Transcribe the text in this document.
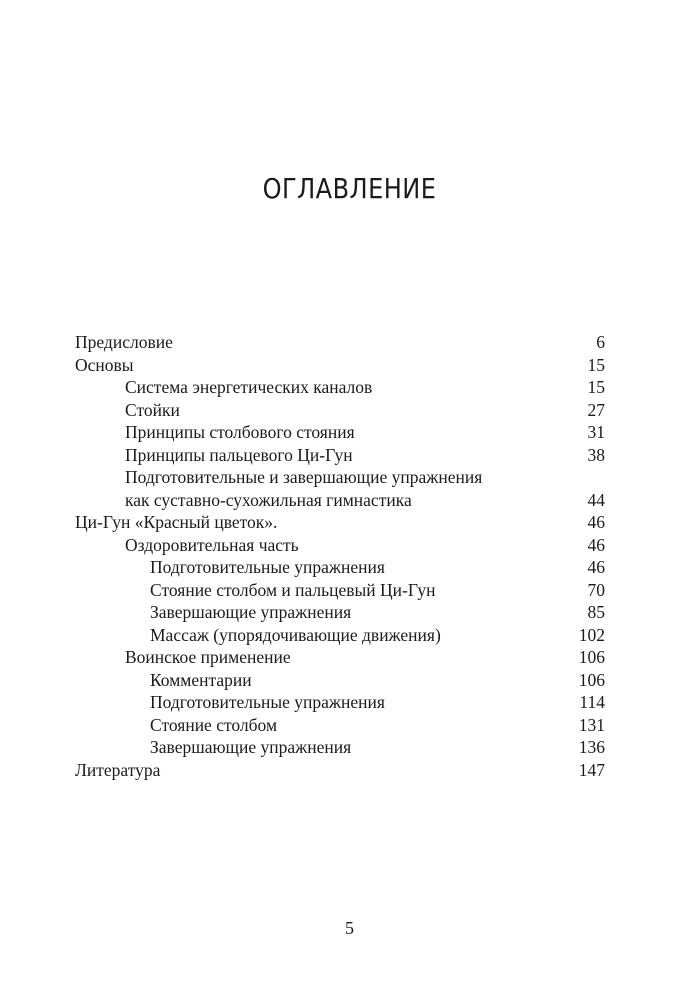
ОГЛАВЛЕНИЕ
Предисловие	6
Основы	15
Система энергетических каналов	15
Стойки	27
Принципы столбового стояния	31
Принципы пальцевого Ци-Гун	38
Подготовительные и завершающие упражнения
как суставно-сухожильная гимнастика	44
Ци-Гун «Красный цветок».	46
Оздоровительная часть	46
Подготовительные упражнения	46
Стояние столбом и пальцевый Ци-Гун	70
Завершающие упражнения	85
Массаж (упорядочивающие движения)	102
Воинское применение	106
Комментарии	106
Подготовительные упражнения	114
Стояние столбом	131
Завершающие упражнения	136
Литература	147
5
